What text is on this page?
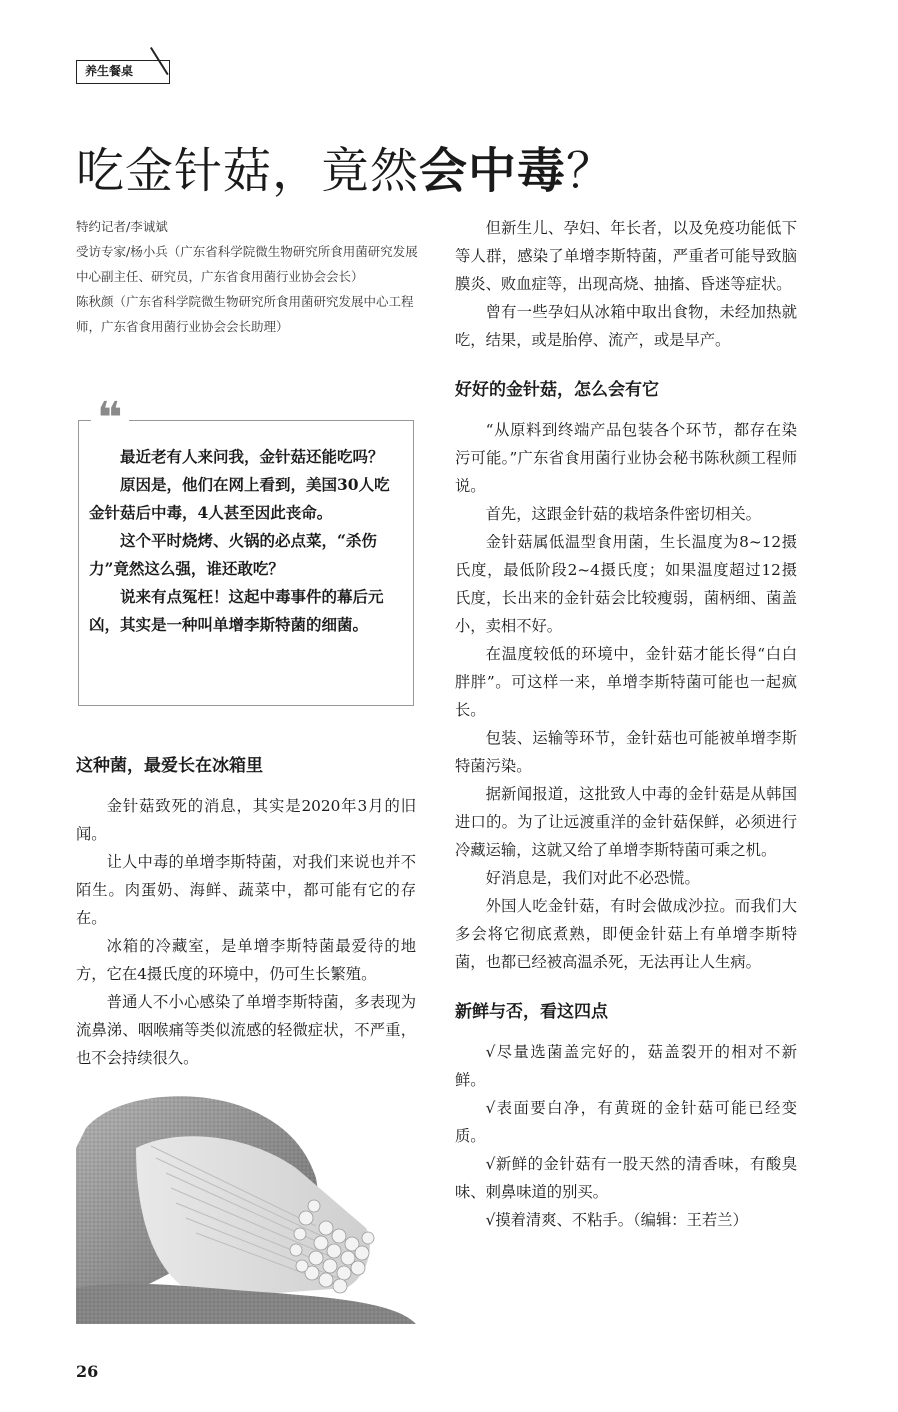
养生餐桌
吃金针菇，竟然会中毒？

特约记者/李诚斌

受访专家/杨小兵（广东省科学院微生物研究所食用菌研究发展中心副主任、研究员，广东省食用菌行业协会会长）

陈秋颜（广东省科学院微生物研究所食用菌研究发展中心工程师，广东省食用菌行业协会会长助理）

❝

最近老有人来问我，金针菇还能吃吗？

原因是，他们在网上看到，美国30人吃金针菇后中毒，4人甚至因此丧命。

这个平时烧烤、火锅的必点菜，“杀伤力”竟然这么强，谁还敢吃？

说来有点冤枉！这起中毒事件的幕后元凶，其实是一种叫单增李斯特菌的细菌。

这种菌，最爱长在冰箱里

金针菇致死的消息，其实是2020年3月的旧闻。

让人中毒的单增李斯特菌，对我们来说也并不陌生。肉蛋奶、海鲜、蔬菜中，都可能有它的存在。

冰箱的冷藏室，是单增李斯特菌最爱待的地方，它在4摄氏度的环境中，仍可生长繁殖。

普通人不小心感染了单增李斯特菌，多表现为流鼻涕、咽喉痛等类似流感的轻微症状，不严重，也不会持续很久。

但新生儿、孕妇、年长者，以及免疫功能低下等人群，感染了单增李斯特菌，严重者可能导致脑膜炎、败血症等，出现高烧、抽搐、昏迷等症状。

曾有一些孕妇从冰箱中取出食物，未经加热就吃，结果，或是胎停、流产，或是早产。

好好的金针菇，怎么会有它

“从原料到终端产品包装各个环节，都存在染污可能。”广东省食用菌行业协会秘书陈秋颜工程师说。

首先，这跟金针菇的栽培条件密切相关。

金针菇属低温型食用菌，生长温度为8~12摄氏度，最低阶段2~4摄氏度；如果温度超过12摄氏度，长出来的金针菇会比较瘦弱，菌柄细、菌盖小，卖相不好。

在温度较低的环境中，金针菇才能长得“白白胖胖”。可这样一来，单增李斯特菌可能也一起疯长。

包装、运输等环节，金针菇也可能被单增李斯特菌污染。

据新闻报道，这批致人中毒的金针菇是从韩国进口的。为了让远渡重洋的金针菇保鲜，必须进行冷藏运输，这就又给了单增李斯特菌可乘之机。

好消息是，我们对此不必恐慌。

外国人吃金针菇，有时会做成沙拉。而我们大多会将它彻底煮熟，即便金针菇上有单增李斯特菌，也都已经被高温杀死，无法再让人生病。

新鲜与否，看这四点

√尽量选菌盖完好的，菇盖裂开的相对不新鲜。

√表面要白净，有黄斑的金针菇可能已经变质。

√新鲜的金针菇有一股天然的清香味，有酸臭味、刺鼻味道的别买。

√摸着清爽、不粘手。（编辑：王若兰）

26
